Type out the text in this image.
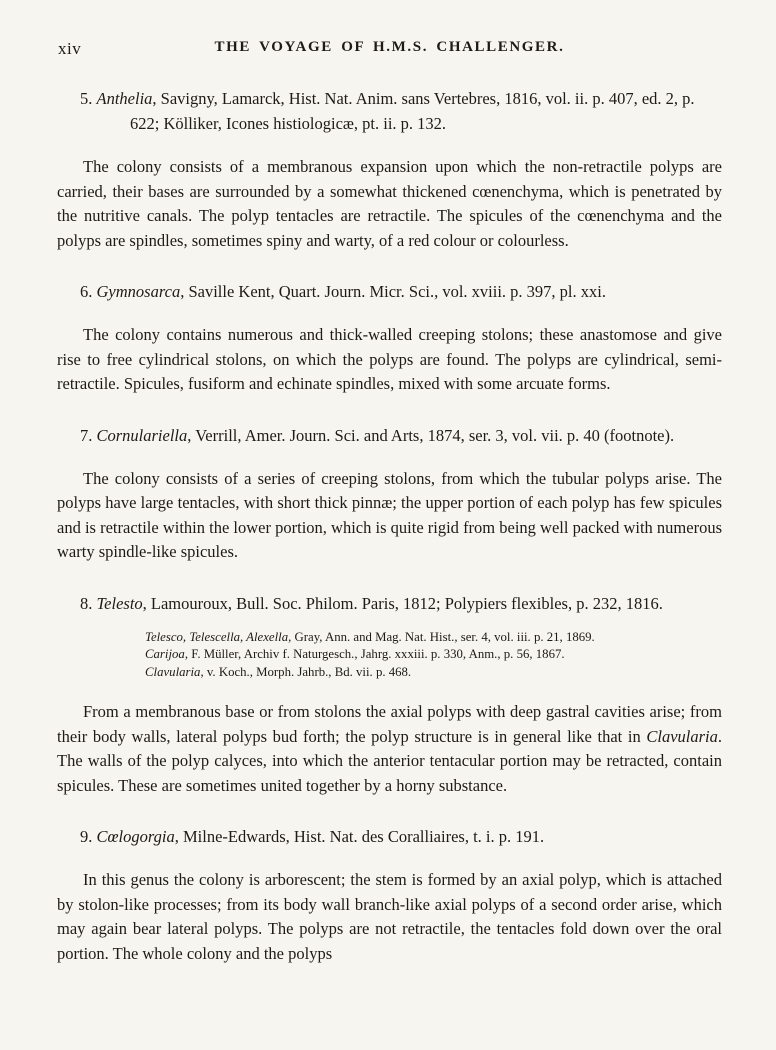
xiv	THE VOYAGE OF H.M.S. CHALLENGER.

5. Anthelia, Savigny, Lamarck, Hist. Nat. Anim. sans Vertebres, 1816, vol. ii. p. 407, ed. 2, p. 622; Kölliker, Icones histiologicæ, pt. ii. p. 132.

The colony consists of a membranous expansion upon which the non-retractile polyps are carried, their bases are surrounded by a somewhat thickened cœnenchyma, which is penetrated by the nutritive canals. The polyp tentacles are retractile. The spicules of the cœnenchyma and the polyps are spindles, sometimes spiny and warty, of a red colour or colourless.

6. Gymnosarca, Saville Kent, Quart. Journ. Micr. Sci., vol. xviii. p. 397, pl. xxi.

The colony contains numerous and thick-walled creeping stolons; these anastomose and give rise to free cylindrical stolons, on which the polyps are found. The polyps are cylindrical, semi-retractile. Spicules, fusiform and echinate spindles, mixed with some arcuate forms.

7. Cornulariella, Verrill, Amer. Journ. Sci. and Arts, 1874, ser. 3, vol. vii. p. 40 (footnote).

The colony consists of a series of creeping stolons, from which the tubular polyps arise. The polyps have large tentacles, with short thick pinnæ; the upper portion of each polyp has few spicules and is retractile within the lower portion, which is quite rigid from being well packed with numerous warty spindle-like spicules.

8. Telesto, Lamouroux, Bull. Soc. Philom. Paris, 1812; Polypiers flexibles, p. 232, 1816.

Telesco, Telescella, Alexella, Gray, Ann. and Mag. Nat. Hist., ser. 4, vol. iii. p. 21, 1869.

Carijoa, F. Müller, Archiv f. Naturgesch., Jahrg. xxxiii. p. 330, Anm., p. 56, 1867.

Clavularia, v. Koch., Morph. Jahrb., Bd. vii. p. 468.

From a membranous base or from stolons the axial polyps with deep gastral cavities arise; from their body walls, lateral polyps bud forth; the polyp structure is in general like that in Clavularia. The walls of the polyp calyces, into which the anterior tentacular portion may be retracted, contain spicules. These are sometimes united together by a horny substance.

9. Cœlogorgia, Milne-Edwards, Hist. Nat. des Coralliaires, t. i. p. 191.

In this genus the colony is arborescent; the stem is formed by an axial polyp, which is attached by stolon-like processes; from its body wall branch-like axial polyps of a second order arise, which may again bear lateral polyps. The polyps are not retractile, the tentacles fold down over the oral portion. The whole colony and the polyps
